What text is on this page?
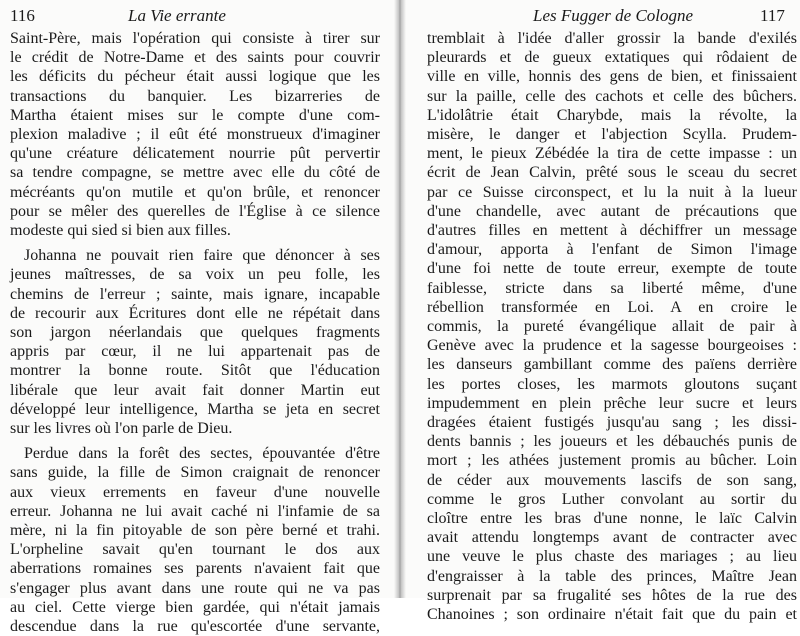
116	La Vie errante
Saint-Père, mais l'opération qui consiste à tirer sur
le crédit de Notre-Dame et des saints pour couvrir
les déficits du pécheur était aussi logique que les
transactions du banquier. Les bizarreries de
Martha étaient mises sur le compte d'une com-
plexion maladive ; il eût été monstrueux d'imaginer
qu'une créature délicatement nourrie pût pervertir
sa tendre compagne, se mettre avec elle du côté de
mécréants qu'on mutile et qu'on brûle, et renoncer
pour se mêler des querelles de l'Église à ce silence
modeste qui sied si bien aux filles.
Johanna ne pouvait rien faire que dénoncer à ses
jeunes maîtresses, de sa voix un peu folle, les
chemins de l'erreur ; sainte, mais ignare, incapable
de recourir aux Écritures dont elle ne répétait dans
son jargon néerlandais que quelques fragments
appris par cœur, il ne lui appartenait pas de
montrer la bonne route. Sitôt que l'éducation
libérale que leur avait fait donner Martin eut
développé leur intelligence, Martha se jeta en secret
sur les livres où l'on parle de Dieu.
Perdue dans la forêt des sectes, épouvantée d'être
sans guide, la fille de Simon craignait de renoncer
aux vieux errements en faveur d'une nouvelle
erreur. Johanna ne lui avait caché ni l'infamie de sa
mère, ni la fin pitoyable de son père berné et trahi.
L'orpheline savait qu'en tournant le dos aux
aberrations romaines ses parents n'avaient fait que
s'engager plus avant dans une route qui ne va pas
au ciel. Cette vierge bien gardée, qui n'était jamais
descendue dans la rue qu'escortée d'une servante,
Les Fugger de Cologne	117
tremblait à l'idée d'aller grossir la bande d'exilés
pleurards et de gueux extatiques qui rôdaient de
ville en ville, honnis des gens de bien, et finissaient
sur la paille, celle des cachots et celle des bûchers.
L'idolâtrie était Charybde, mais la révolte, la
misère, le danger et l'abjection Scylla. Prudem-
ment, le pieux Zébédée la tira de cette impasse : un
écrit de Jean Calvin, prêté sous le sceau du secret
par ce Suisse circonspect, et lu la nuit à la lueur
d'une chandelle, avec autant de précautions que
d'autres filles en mettent à déchiffrer un message
d'amour, apporta à l'enfant de Simon l'image
d'une foi nette de toute erreur, exempte de toute
faiblesse, stricte dans sa liberté même, d'une
rébellion transformée en Loi. A en croire le
commis, la pureté évangélique allait de pair à
Genève avec la prudence et la sagesse bourgeoises :
les danseurs gambillant comme des païens derrière
les portes closes, les marmots gloutons suçant
impudemment en plein prêche leur sucre et leurs
dragées étaient fustigés jusqu'au sang ; les dissi-
dents bannis ; les joueurs et les débauchés punis de
mort ; les athées justement promis au bûcher. Loin
de céder aux mouvements lascifs de son sang,
comme le gros Luther convolant au sortir du
cloître entre les bras d'une nonne, le laïc Calvin
avait attendu longtemps avant de contracter avec
une veuve le plus chaste des mariages ; au lieu
d'engraisser à la table des princes, Maître Jean
surprenait par sa frugalité ses hôtes de la rue des
Chanoines ; son ordinaire n'était fait que du pain et
